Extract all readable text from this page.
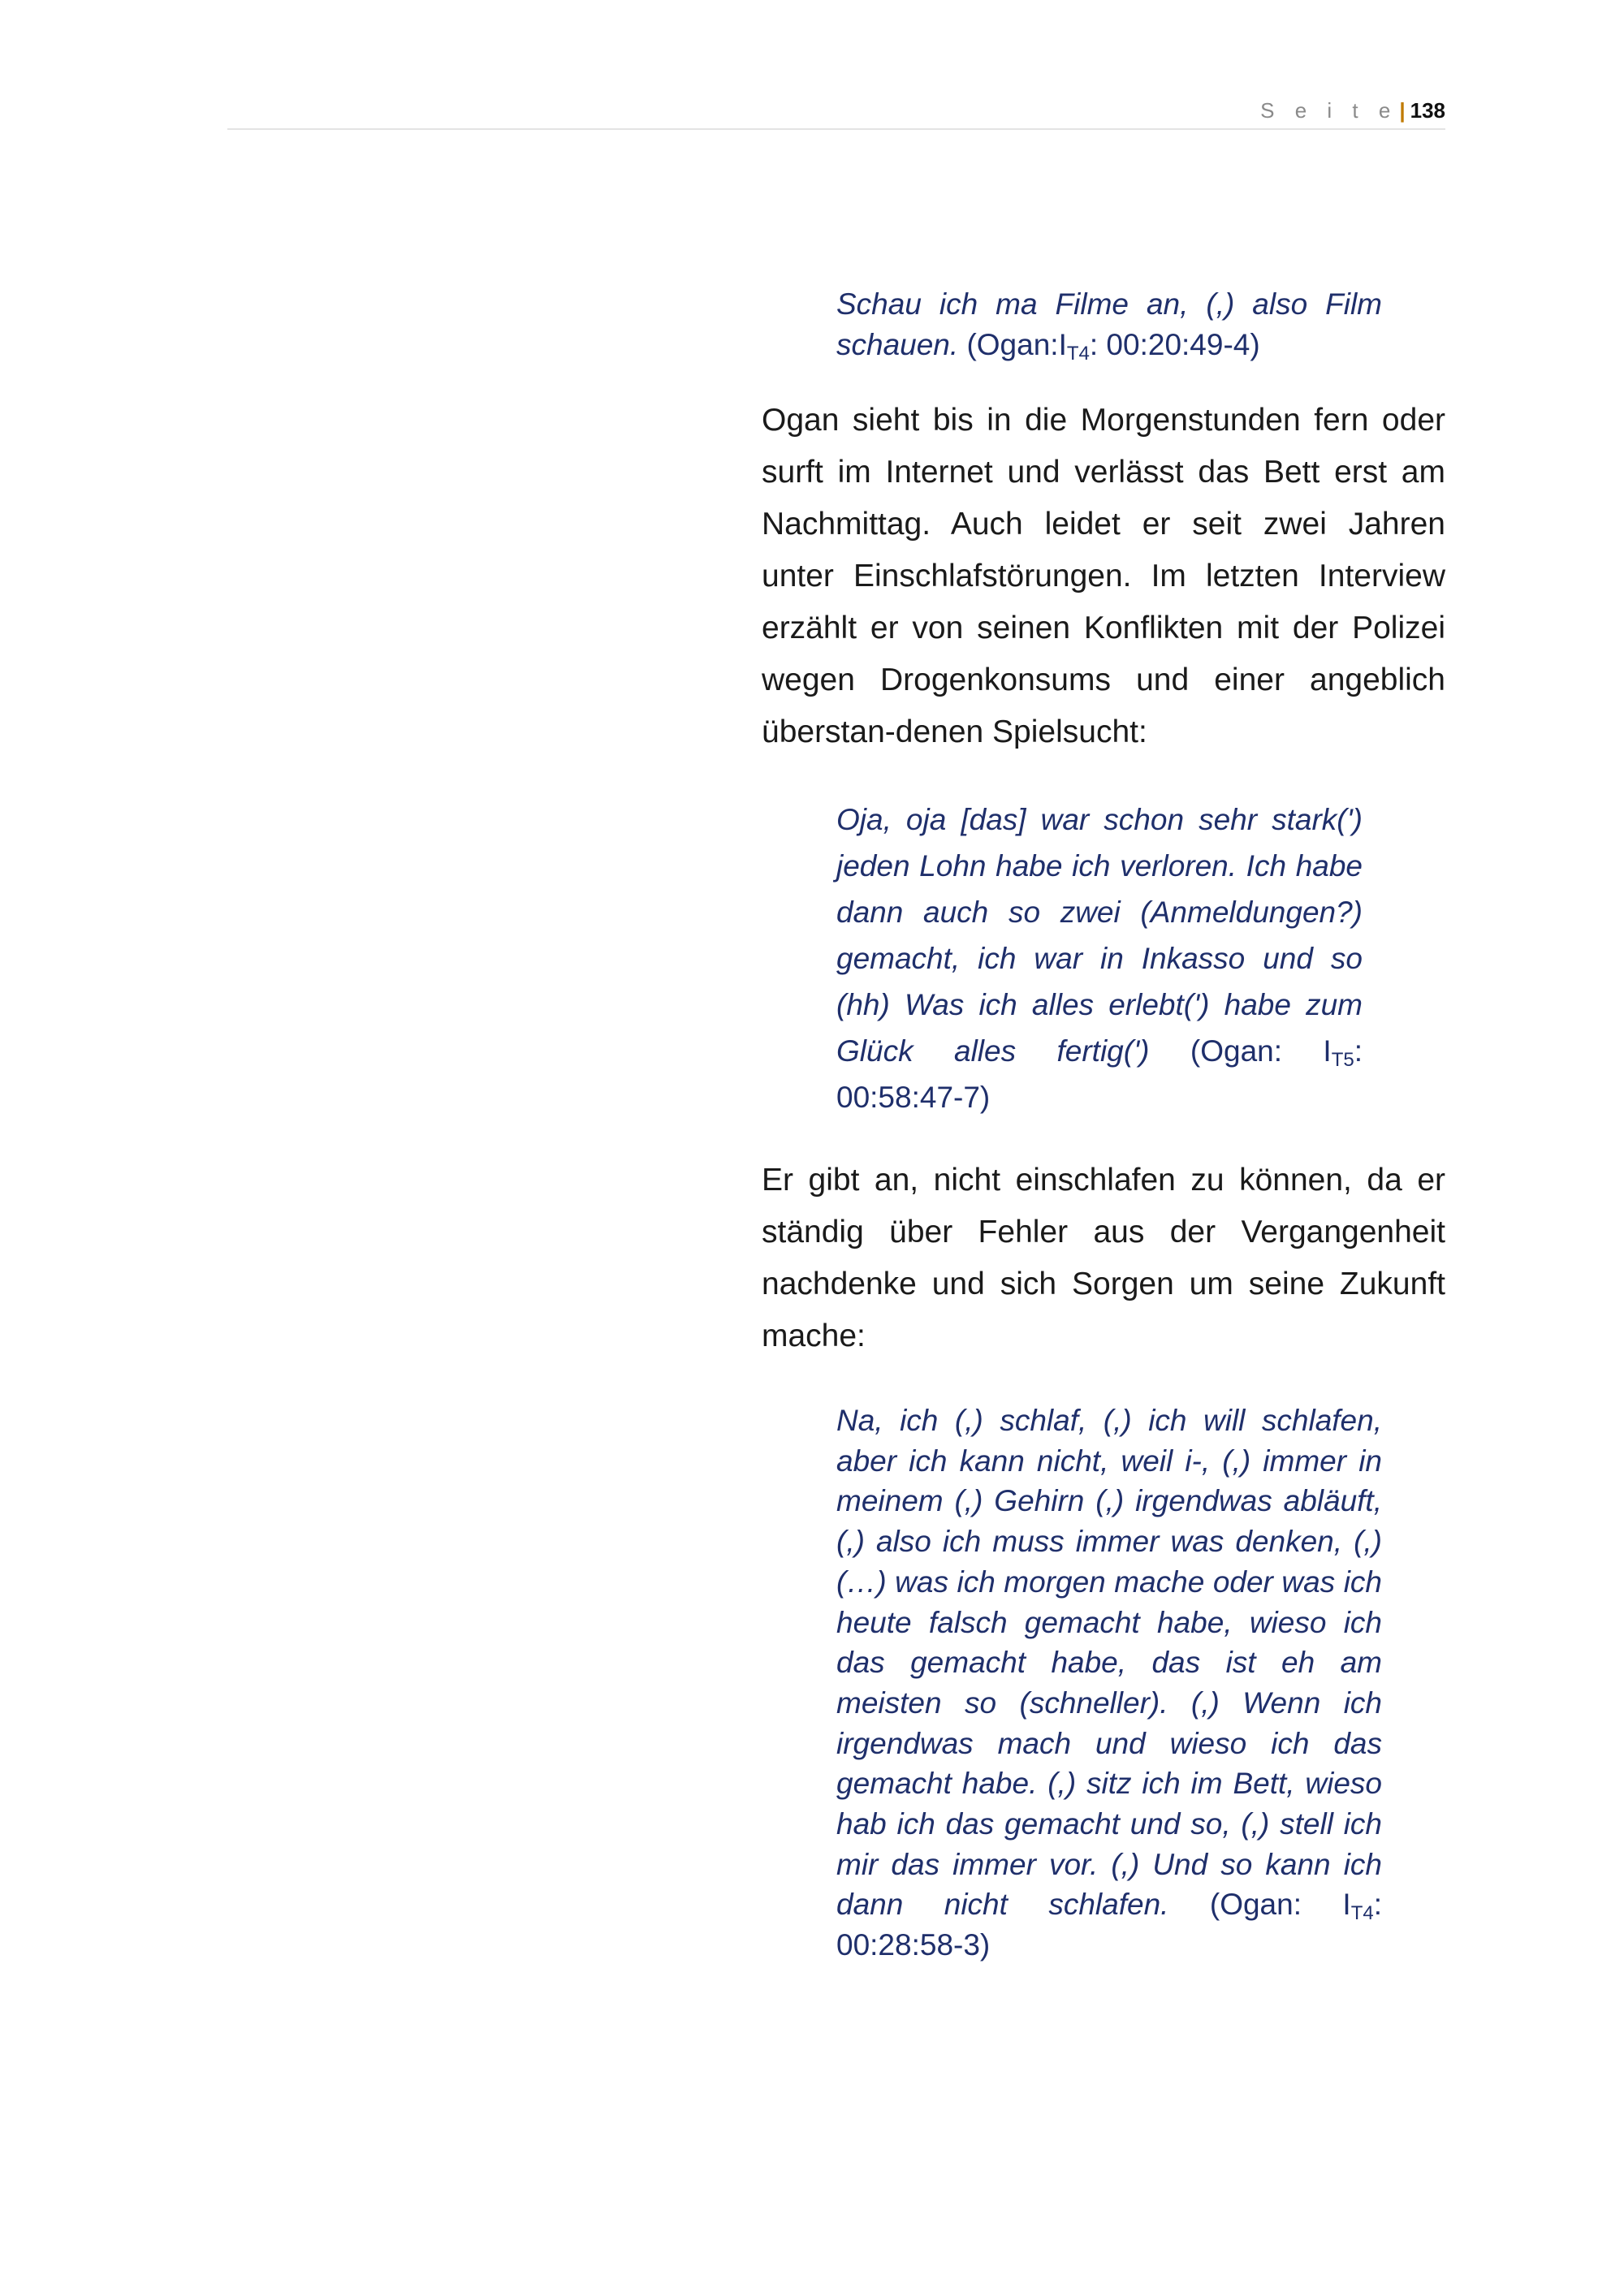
S e i t e| 138

Schau ich ma Filme an, (,) also Film schauen. ($Ogan:I_{T4}$: 00:20:49-4)

Ogan sieht bis in die Morgenstunden fern oder surft im Internet und verlässt das Bett erst am Nachmittag. Auch leidet er seit zwei Jahren unter Einschlafstörungen. Im letzten Interview erzählt er von seinen Konflikten mit der Polizei wegen Drogenkonsums und einer angeblich überstan-denen Spielsucht:

Oja, oja [das] war schon sehr stark(') jeden Lohn habe ich verloren. Ich habe dann auch so zwei (Anmeldungen?) gemacht, ich war in Inkasso und so (hh) Was ich alles erlebt(') habe zum Glück alles fertig(') (Ogan: $I_{T5}$: 00:58:47-7)

Er gibt an, nicht einschlafen zu können, da er ständig über Fehler aus der Vergangenheit nachdenke und sich Sorgen um seine Zukunft mache:

Na, ich (,) schlaf, (,) ich will schlafen, aber ich kann nicht, weil i-, (,) immer in meinem (,) Gehirn (,) irgendwas abläuft, (,) also ich muss immer was denken, (,) (…) was ich morgen mache oder was ich heute falsch gemacht habe, wieso ich das gemacht habe, das ist eh am meisten so (schneller). (,) Wenn ich irgendwas mach und wieso ich das gemacht habe. (,) sitz ich im Bett, wieso hab ich das gemacht und so, (,) stell ich mir das immer vor. (,) Und so kann ich dann nicht schlafen. (Ogan: $I_{T4}$: 00:28:58-3)
